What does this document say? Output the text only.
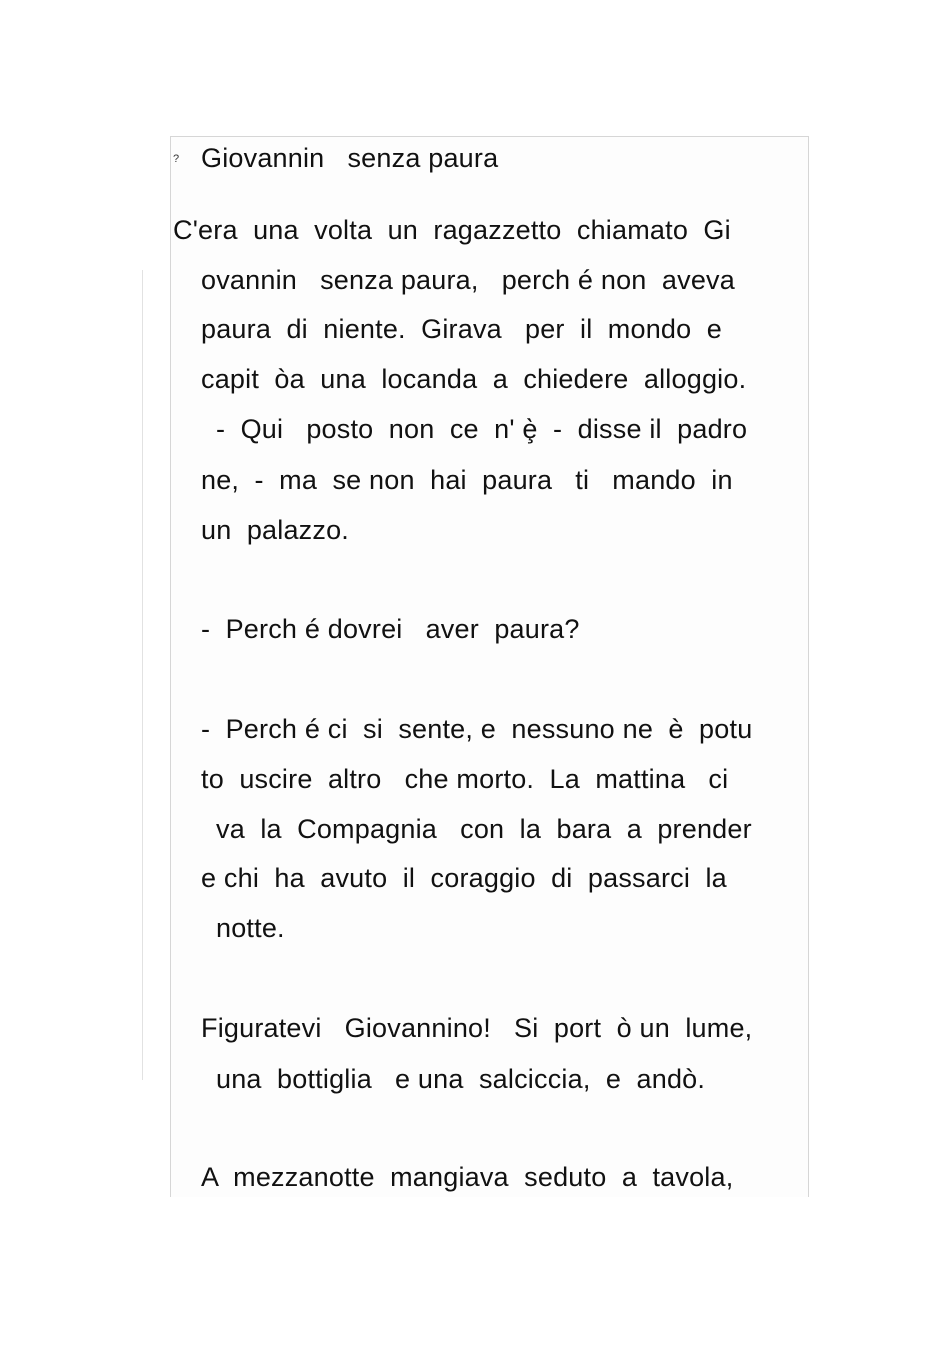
? Giovannin   senza paura
C'era  una  volta  un  ragazzetto  chiamato  Gi
ovannin   senza paura,   perch é non  aveva
paura  di  niente.  Girava   per  il  mondo  e
capit  òa  una  locanda  a  chiedere  alloggio.
-  Qui   posto  non  ce  n' ȩ̀  -  disse il  padro
ne,  -  ma  se non  hai  paura   ti   mando  in
un  palazzo.
-  Perch é dovrei   aver  paura?
-  Perch é ci  si  sente, e  nessuno ne  è  potu
to  uscire  altro   che morto.  La  mattina   ci
va  la  Compagnia   con  la  bara  a  prender
e chi  ha  avuto  il  coraggio  di  passarci  la
notte.
Figuratevi   Giovannino!   Si  port  ò un  lume,
una  bottiglia   e una  salciccia,  e  andò.
A  mezzanotte  mangiava  seduto  a  tavola,
